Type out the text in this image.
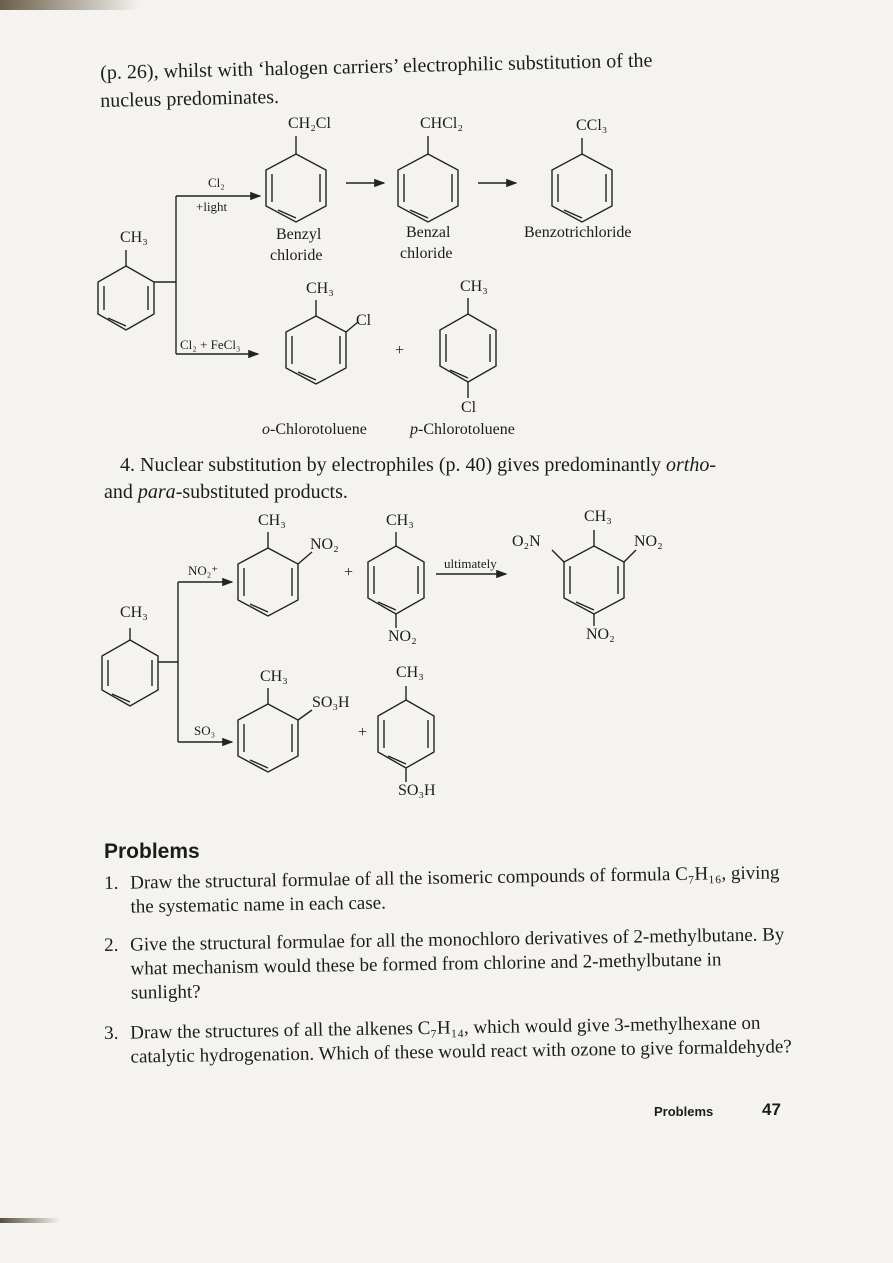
(p. 26), whilst with ‘halogen carriers’ electrophilic substitution of the
nucleus predominates.
CH₃
Cl₂
+light
Cl₂ + FeCl₃
CH₂Cl	CHCl₂	CCl₃
Benzyl
chloride
Benzal
chloride
Benzotrichloride
CH₃
Cl
CH₃
Cl
+
o-Chlorotoluene	p-Chlorotoluene
4. Nuclear substitution by electrophiles (p. 40) gives predominantly ortho-
and para-substituted products.
CH₃
NO₂⁺
SO₃
CH₃
NO₂
CH₃
NO₂
+
ultimately
CH₃
O₂N	NO₂
NO₂
CH₃
SO₃H
CH₃
SO₃H
+
Problems
1. Draw the structural formulae of all the isomeric compounds of formula C₇H₁₆, giving the systematic name in each case.
2. Give the structural formulae for all the monochloro derivatives of 2-methylbutane. By what mechanism would these be formed from chlorine and 2-methylbutane in sunlight?
3. Draw the structures of all the alkenes C₇H₁₄, which would give 3-methylhexane on catalytic hydrogenation. Which of these would react with ozone to give formaldehyde?
Problems	47
